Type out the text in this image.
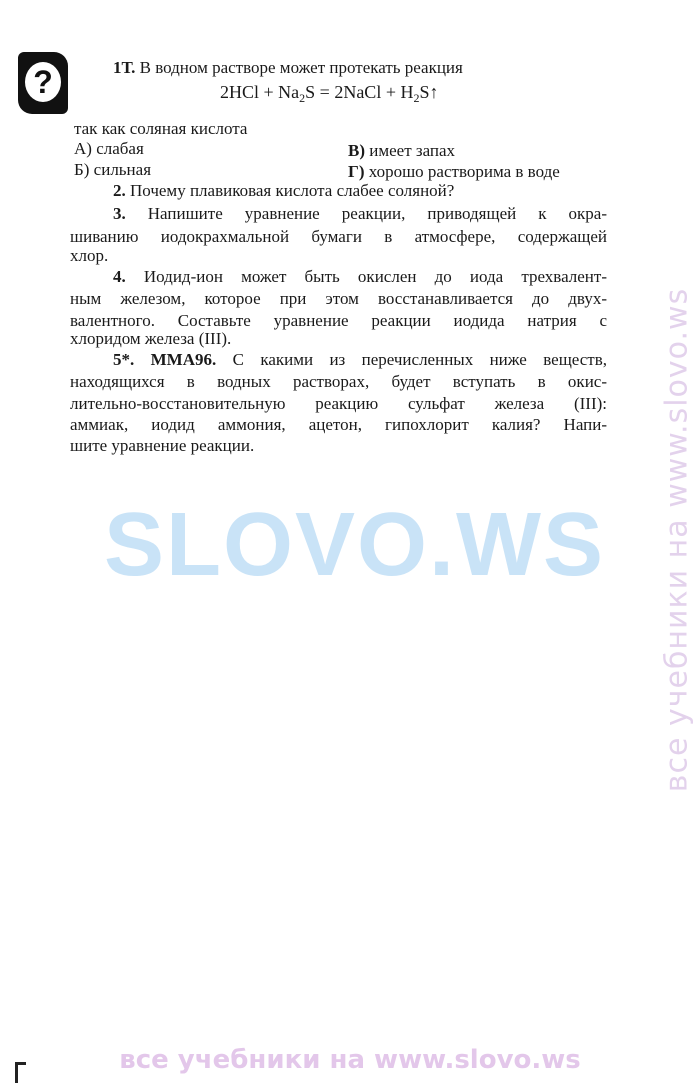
?	1Т. В водном растворе может протекать реакция
$2HCl + Na_2S$ = 2NaCl + $H_2S↑$
так как соляная кислота
А) слабая
Б) сильная
В) имеет запах
Г) хорошо растворима в воде
2. Почему плавиковая кислота слабее соляной?
3. Напишите уравнение реакции, приводящей к окра-
шиванию иодокрахмальной бумаги в атмосфере, содержащей
хлор.
4. Иодид-ион может быть окислен до иода трехвалент-
ным железом, которое при этом восстанавливается до двух-
валентного. Составьте уравнение реакции иодида натрия с
хлоридом железа (III).
5*. ММА96. С какими из перечисленных ниже веществ,
находящихся в водных растворах, будет вступать в окис-
лительно-восстановительную реакцию сульфат железа (III):
аммиак, иодид аммония, ацетон, гипохлорит калия? Напи-
шите уравнение реакции.
SLOVO.WS все учебники на www.slovo.ws
все учебники на www.slovo.ws
